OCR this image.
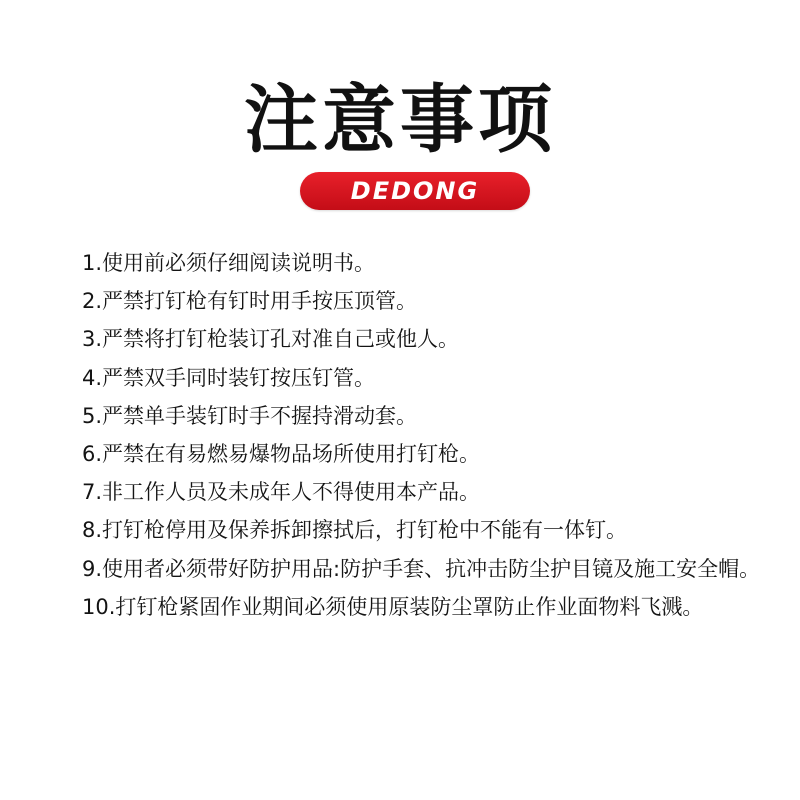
注意事项
DEDONG
1.使用前必须仔细阅读说明书。
2.严禁打钉枪有钉时用手按压顶管。
3.严禁将打钉枪装订孔对准自己或他人。
4.严禁双手同时装钉按压钉管。
5.严禁单手装钉时手不握持滑动套。
6.严禁在有易燃易爆物品场所使用打钉枪。
7.非工作人员及未成年人不得使用本产品。
8.打钉枪停用及保养拆卸擦拭后，打钉枪中不能有一体钉。
9.使用者必须带好防护用品:防护手套、抗冲击防尘护目镜及施工安全帽。
10.打钉枪紧固作业期间必须使用原装防尘罩防止作业面物料飞溅。
